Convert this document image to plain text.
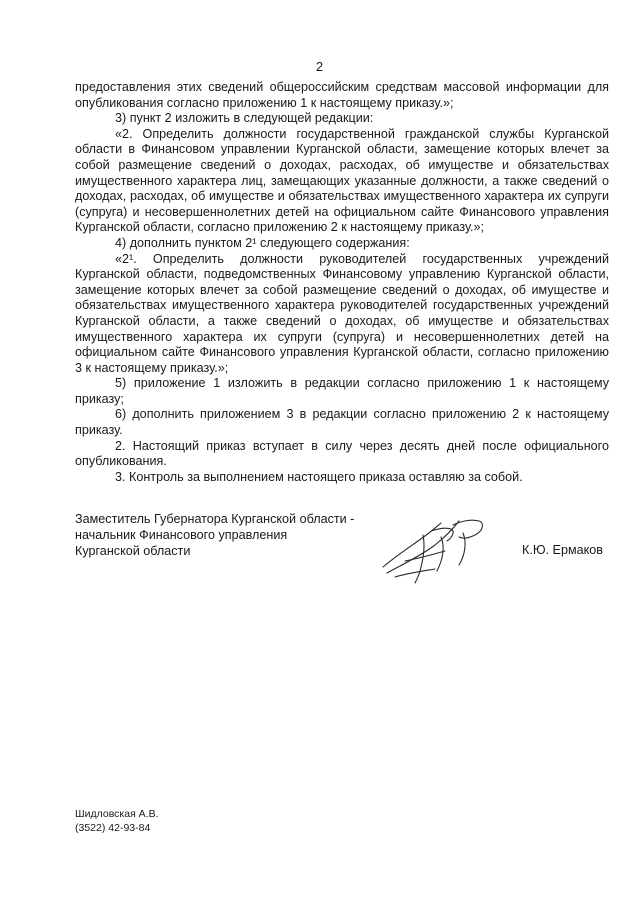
2

предоставления этих сведений общероссийским средствам массовой информации для опубликования согласно приложению 1 к настоящему приказу.»;

3) пункт 2 изложить в следующей редакции:

«2. Определить должности государственной гражданской службы Курганской области в Финансовом управлении Курганской области, замещение которых влечет за собой размещение сведений о доходах, расходах, об имуществе и обязательствах имущественного характера лиц, замещающих указанные должности, а также сведений о доходах, расходах, об имуществе и обязательствах имущественного характера их супруги (супруга) и несовершеннолетних детей на официальном сайте Финансового управления Курганской области, согласно приложению 2 к настоящему приказу.»;

4) дополнить пунктом 2¹ следующего содержания:

«2¹. Определить должности руководителей государственных учреждений Курганской области, подведомственных Финансовому управлению Курганской области, замещение которых влечет за собой размещение сведений о доходах, об имуществе и обязательствах имущественного характера руководителей государственных учреждений Курганской области, а также сведений о доходах, об имуществе и обязательствах имущественного характера их супруги (супруга) и несовершеннолетних детей на официальном сайте Финансового управления Курганской области, согласно приложению 3 к настоящему приказу.»;

5) приложение 1 изложить в редакции согласно приложению 1 к настоящему приказу;

6) дополнить приложением 3 в редакции согласно приложению 2 к настоящему приказу.

2. Настоящий приказ вступает в силу через десять дней после официального опубликования.

3. Контроль за выполнением настоящего приказа оставляю за собой.

Заместитель Губернатора Курганской области -
начальник Финансового управления
Курганской области	К.Ю. Ермаков
Шидловская А.В.
(3522) 42-93-84
